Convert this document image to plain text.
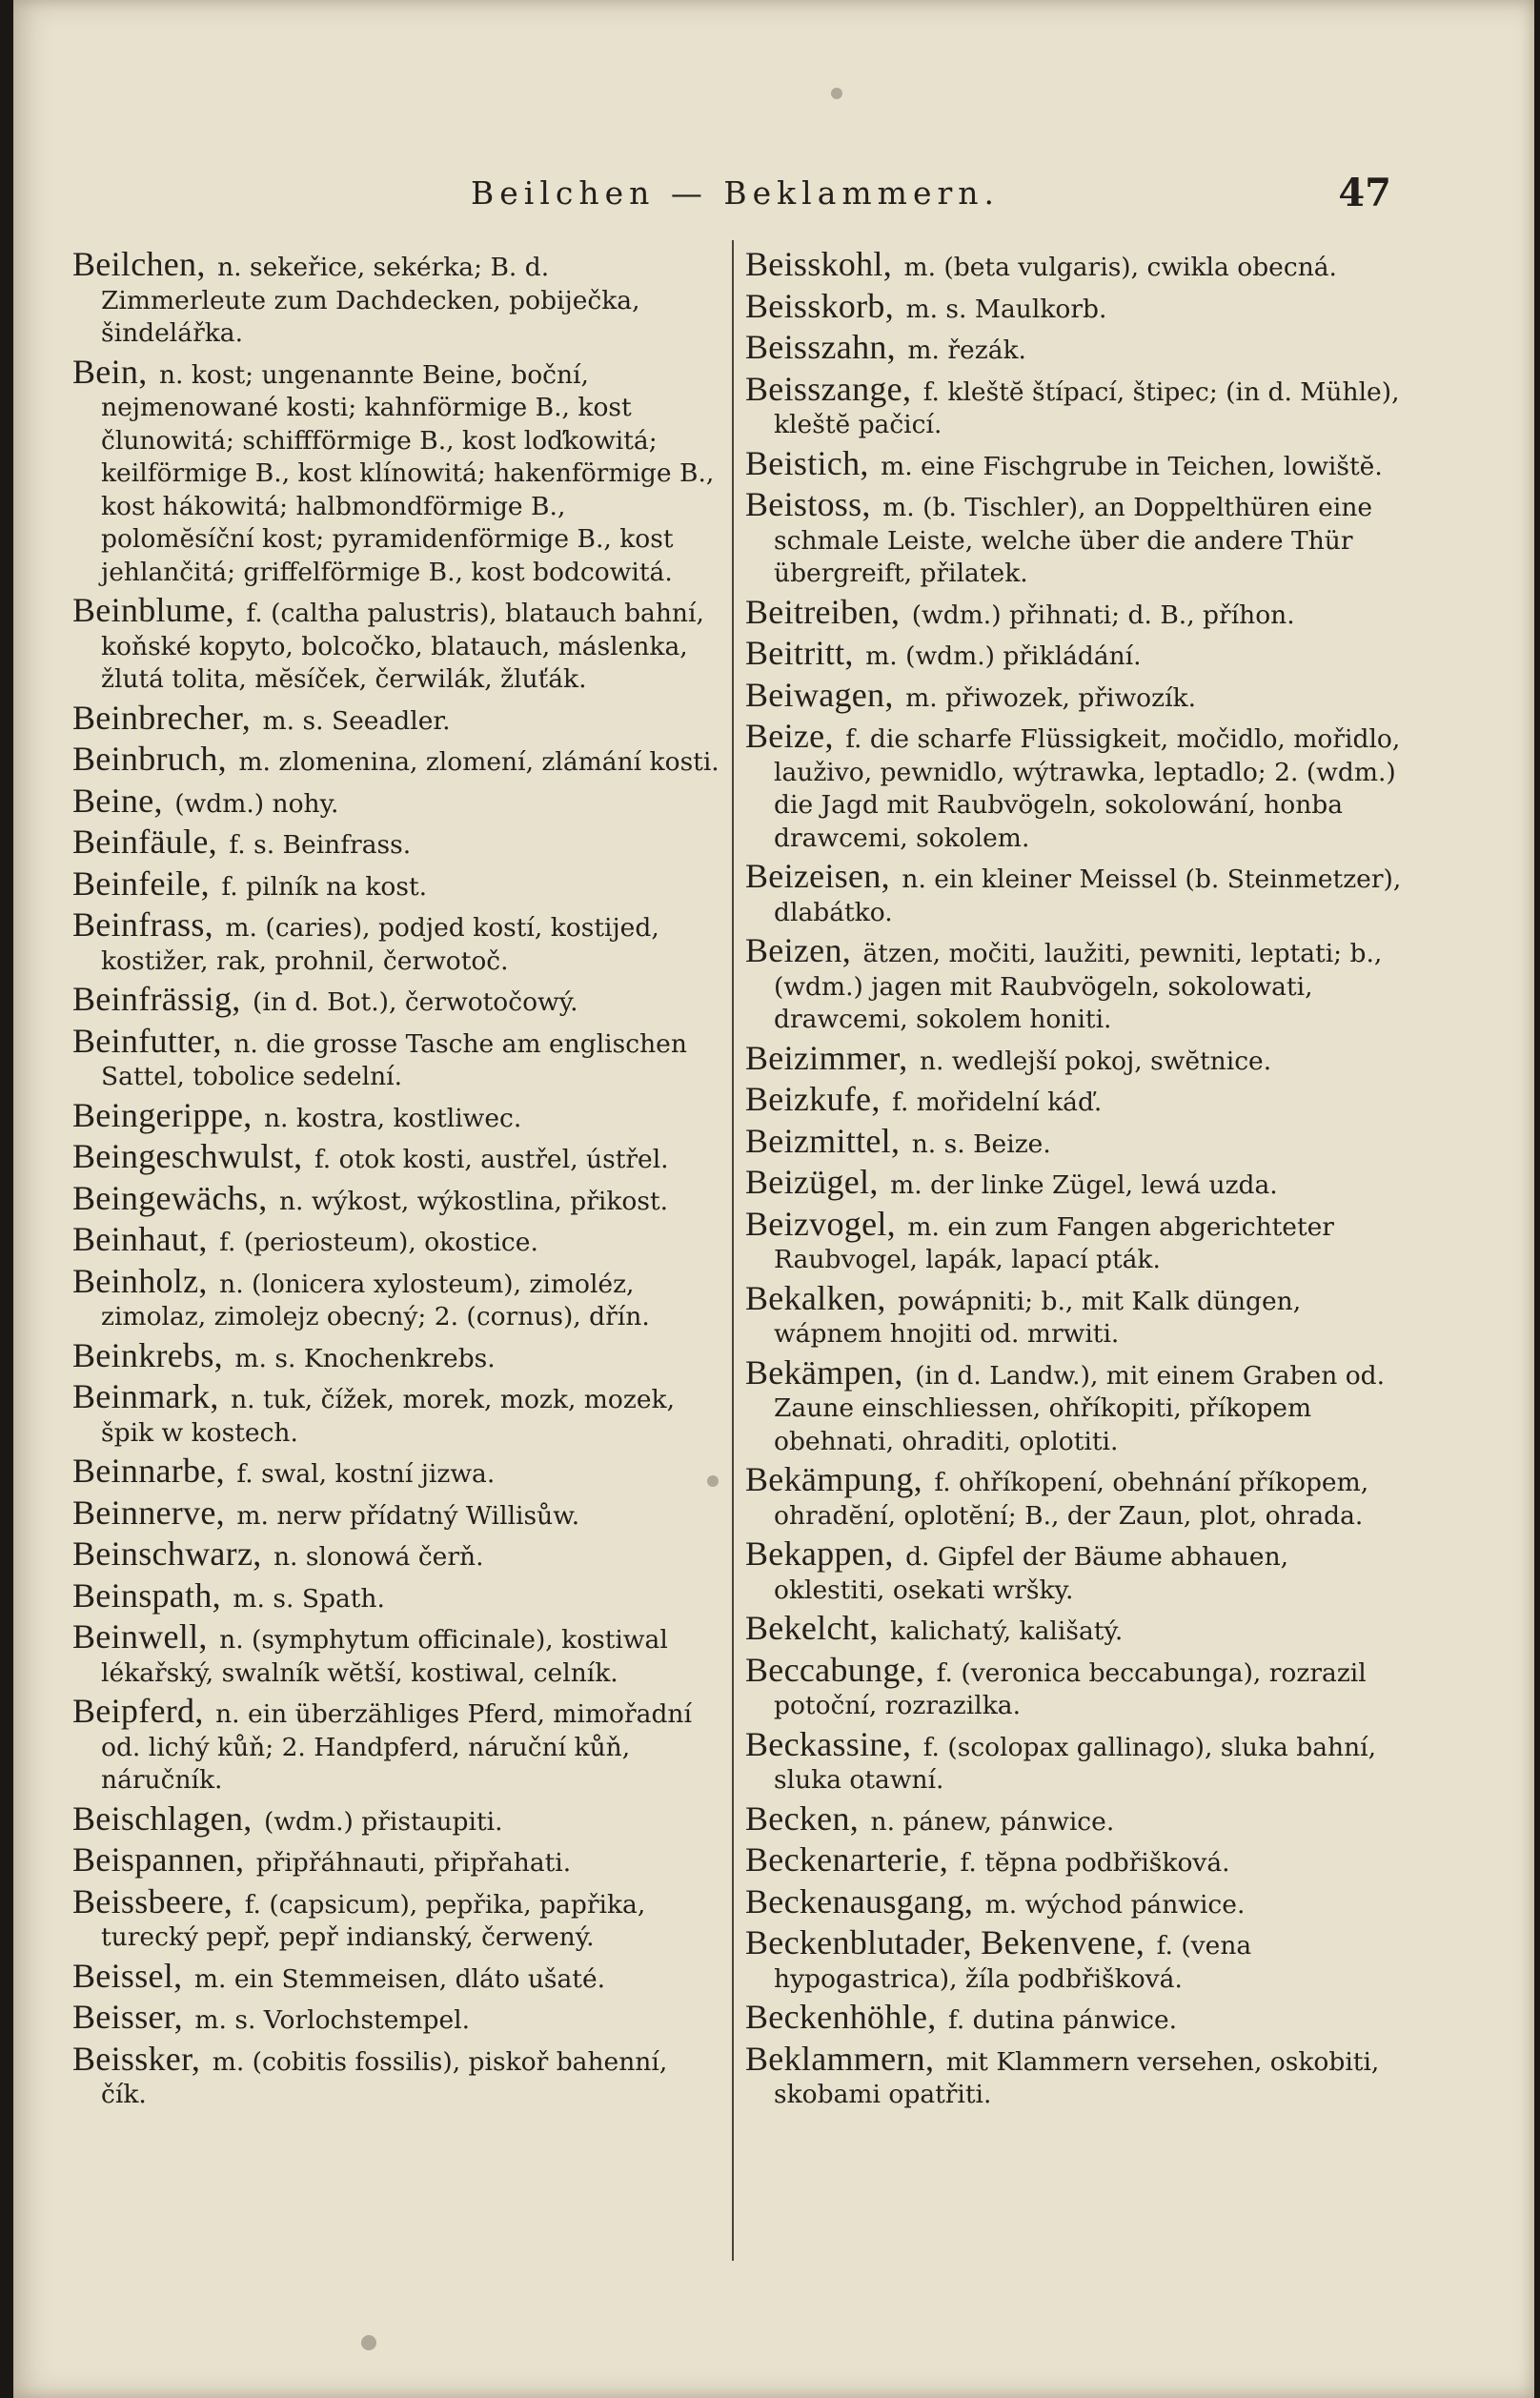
Beilchen — Beklammern.	47

Beilchen, n. sekeřice, sekérka; B. d. Zimmerleute zum Dachdecken, pobiječka, šindelářka.

Bein, n. kost; ungenannte Beine, boční, nejmenowané kosti; kahnförmige B., kost člunowitá; schiffförmige B., kost loďkowitá; keilförmige B., kost klínowitá; hakenförmige B., kost hákowitá; halbmondförmige B., polomĕsíční kost; pyramidenförmige B., kost jehlančitá; griffelförmige B., kost bodcowitá.

Beinblume, f. (caltha palustris), blatauch bahní, koňské kopyto, bolcočko, blatauch, máslenka, žlutá tolita, mĕsíček, čerwilák, žluťák.

Beinbrecher, m. s. Seeadler.

Beinbruch, m. zlomenina, zlomení, zlámání kosti.

Beine, (wdm.) nohy.

Beinfäule, f. s. Beinfrass.

Beinfeile, f. pilník na kost.

Beinfrass, m. (caries), podjed kostí, kostijed, kostižer, rak, prohnil, čerwotoč.

Beinfrässig, (in d. Bot.), čerwotočowý.

Beinfutter, n. die grosse Tasche am englischen Sattel, tobolice sedelní.

Beingerippe, n. kostra, kostliwec.

Beingeschwulst, f. otok kosti, austřel, ústřel.

Beingewächs, n. wýkost, wýkostlina, přikost.

Beinhaut, f. (periosteum), okostice.

Beinholz, n. (lonicera xylosteum), zimoléz, zimolaz, zimolejz obecný; 2. (cornus), dřín.

Beinkrebs, m. s. Knochenkrebs.

Beinmark, n. tuk, čížek, morek, mozk, mozek, špik w kostech.

Beinnarbe, f. swal, kostní jizwa.

Beinnerve, m. nerw přídatný Willisůw.

Beinschwarz, n. slonowá čerň.

Beinspath, m. s. Spath.

Beinwell, n. (symphytum officinale), kostiwal lékařský, swalník wĕtší, kostiwal, celník.

Beipferd, n. ein überzähliges Pferd, mimořadní od. lichý kůň; 2. Handpferd, náruční kůň, náručník.

Beischlagen, (wdm.) přistaupiti.

Beispannen, připřáhnauti, připřahati.

Beissbeere, f. (capsicum), pepřika, papřika, turecký pepř, pepř indianský, čerwený.

Beissel, m. ein Stemmeisen, dláto ušaté.

Beisser, m. s. Vorlochstempel.

Beissker, m. (cobitis fossilis), piskoř bahenní, čík.

Beisskohl, m. (beta vulgaris), cwikla obecná.

Beisskorb, m. s. Maulkorb.

Beisszahn, m. řezák.

Beisszange, f. kleštĕ štípací, štipec; (in d. Mühle), kleštĕ pačicí.

Beistich, m. eine Fischgrube in Teichen, lowištĕ.

Beistoss, m. (b. Tischler), an Doppelthüren eine schmale Leiste, welche über die andere Thür übergreift, přilatek.

Beitreiben, (wdm.) přihnati; d. B., příhon.

Beitritt, m. (wdm.) přikládání.

Beiwagen, m. přiwozek, přiwozík.

Beize, f. die scharfe Flüssigkeit, močidlo, mořidlo, lauživo, pewnidlo, wýtrawka, leptadlo; 2. (wdm.) die Jagd mit Raubvögeln, sokolowání, honba drawcemi, sokolem.

Beizeisen, n. ein kleiner Meissel (b. Steinmetzer), dlabátko.

Beizen, ätzen, močiti, laužiti, pewniti, leptati; b., (wdm.) jagen mit Raubvögeln, sokolowati, drawcemi, sokolem honiti.

Beizimmer, n. wedlejší pokoj, swĕtnice.

Beizkufe, f. mořidelní káď.

Beizmittel, n. s. Beize.

Beizügel, m. der linke Zügel, lewá uzda.

Beizvogel, m. ein zum Fangen abgerichteter Raubvogel, lapák, lapací pták.

Bekalken, powápniti; b., mit Kalk düngen, wápnem hnojiti od. mrwiti.

Bekämpen, (in d. Landw.), mit einem Graben od. Zaune einschliessen, ohříkopiti, příkopem obehnati, ohraditi, oplotiti.

Bekämpung, f. ohříkopení, obehnání příkopem, ohradĕní, oplotĕní; B., der Zaun, plot, ohrada.

Bekappen, d. Gipfel der Bäume abhauen, oklestiti, osekati wršky.

Bekelcht, kalichatý, kališatý.

Beccabunge, f. (veronica beccabunga), rozrazil potoční, rozrazilka.

Beckassine, f. (scolopax gallinago), sluka bahní, sluka otawní.

Becken, n. pánew, pánwice.

Beckenarterie, f. tĕpna podbřišková.

Beckenausgang, m. wýchod pánwice.

Beckenblutader, Bekenvene, f. (vena hypogastrica), žíla podbřišková.

Beckenhöhle, f. dutina pánwice.

Beklammern, mit Klammern versehen, oskobiti, skobami opatřiti.
